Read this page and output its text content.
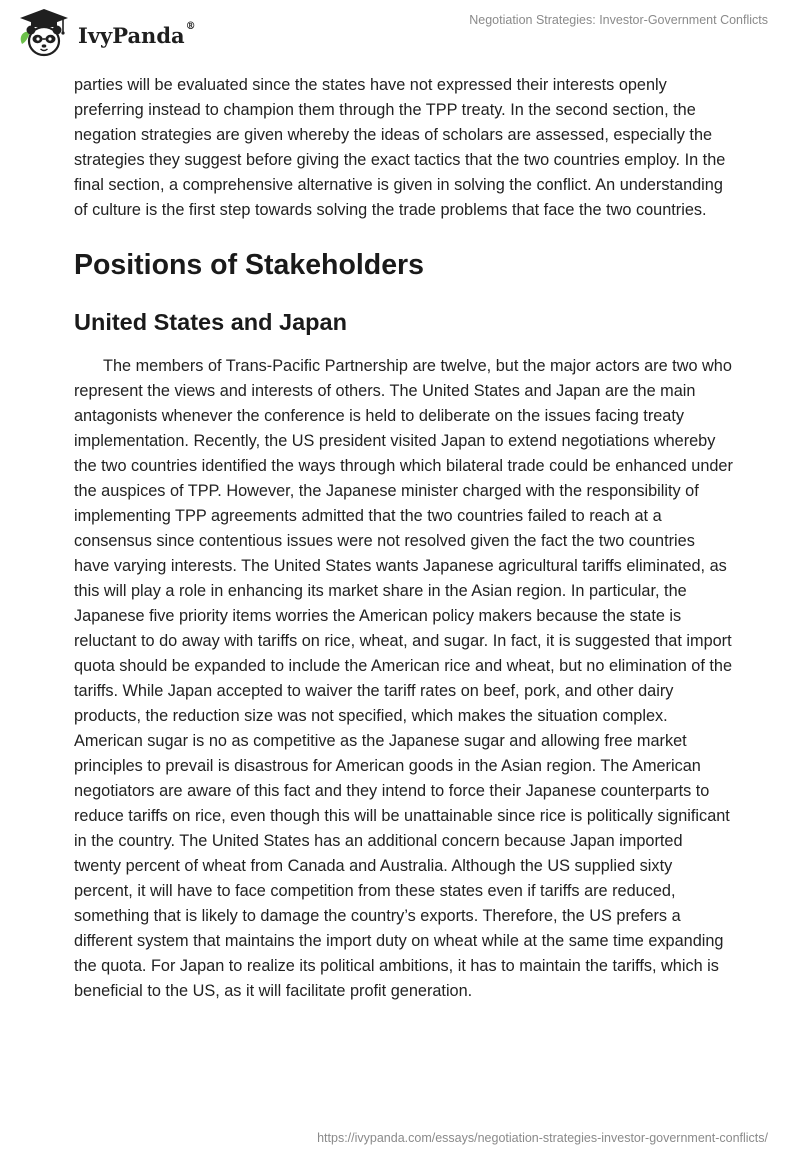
IvyPanda®	Negotiation Strategies: Investor-Government Conflicts

parties will be evaluated since the states have not expressed their interests openly preferring instead to champion them through the TPP treaty. In the second section, the negation strategies are given whereby the ideas of scholars are assessed, especially the strategies they suggest before giving the exact tactics that the two countries employ. In the final section, a comprehensive alternative is given in solving the conflict. An understanding of culture is the first step towards solving the trade problems that face the two countries.

Positions of Stakeholders
United States and Japan

The members of Trans-Pacific Partnership are twelve, but the major actors are two who represent the views and interests of others. The United States and Japan are the main antagonists whenever the conference is held to deliberate on the issues facing treaty implementation. Recently, the US president visited Japan to extend negotiations whereby the two countries identified the ways through which bilateral trade could be enhanced under the auspices of TPP. However, the Japanese minister charged with the responsibility of implementing TPP agreements admitted that the two countries failed to reach at a consensus since contentious issues were not resolved given the fact the two countries have varying interests. The United States wants Japanese agricultural tariffs eliminated, as this will play a role in enhancing its market share in the Asian region. In particular, the Japanese five priority items worries the American policy makers because the state is reluctant to do away with tariffs on rice, wheat, and sugar. In fact, it is suggested that import quota should be expanded to include the American rice and wheat, but no elimination of the tariffs. While Japan accepted to waiver the tariff rates on beef, pork, and other dairy products, the reduction size was not specified, which makes the situation complex. American sugar is no as competitive as the Japanese sugar and allowing free market principles to prevail is disastrous for American goods in the Asian region. The American negotiators are aware of this fact and they intend to force their Japanese counterparts to reduce tariffs on rice, even though this will be unattainable since rice is politically significant in the country. The United States has an additional concern because Japan imported twenty percent of wheat from Canada and Australia. Although the US supplied sixty percent, it will have to face competition from these states even if tariffs are reduced, something that is likely to damage the country’s exports. Therefore, the US prefers a different system that maintains the import duty on wheat while at the same time expanding the quota. For Japan to realize its political ambitions, it has to maintain the tariffs, which is beneficial to the US, as it will facilitate profit generation.

https://ivypanda.com/essays/negotiation-strategies-investor-government-conflicts/
